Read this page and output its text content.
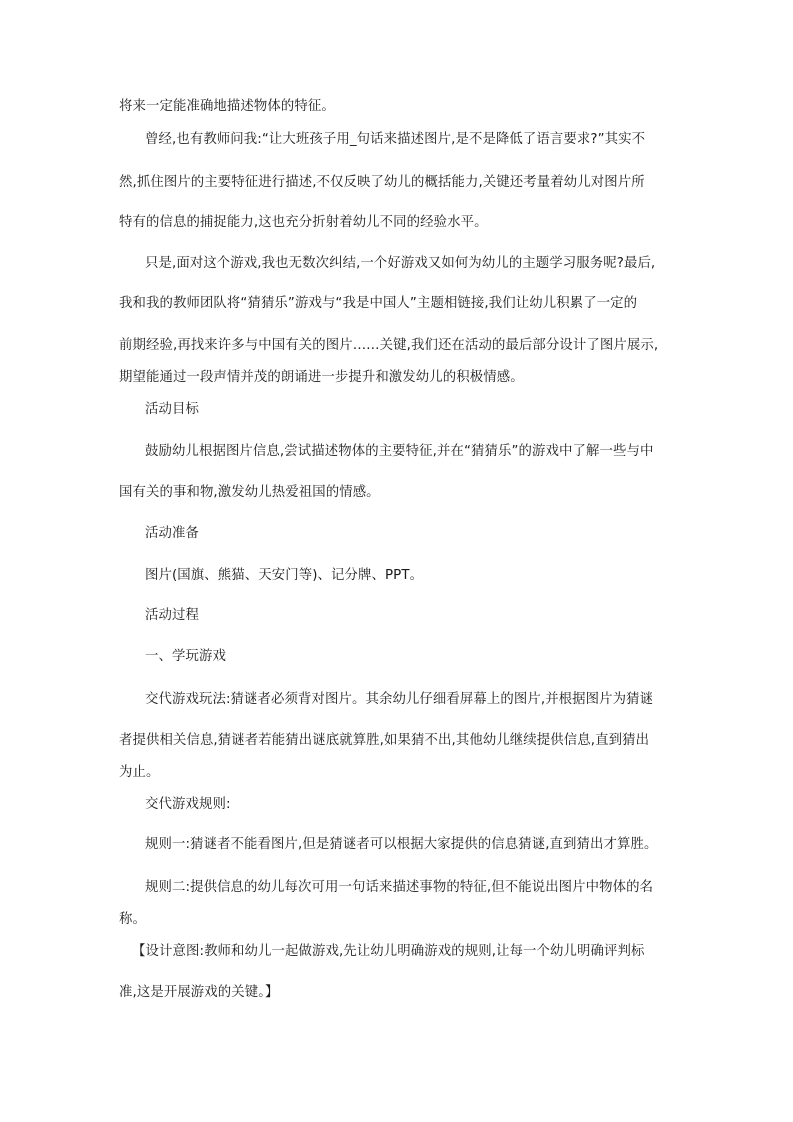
将来一定能准确地描述物体的特征。
曾经,也有教师问我:“让大班孩子用_句话来描述图片,是不是降低了语言要求?”其实不
然,抓住图片的主要特征进行描述,不仅反映了幼儿的概括能力,关键还考量着幼儿对图片所
特有的信息的捕捉能力,这也充分折射着幼儿不同的经验水平。
只是,面对这个游戏,我也无数次纠结,一个好游戏又如何为幼儿的主题学习服务呢?最后,
我和我的教师团队将“猜猜乐”游戏与“我是中国人”主题相链接,我们让幼儿积累了一定的
前期经验,再找来许多与中国有关的图片……关键,我们还在活动的最后部分设计了图片展示,
期望能通过一段声情并茂的朗诵进一步提升和激发幼儿的积极情感。
活动目标
鼓励幼儿根据图片信息,尝试描述物体的主要特征,并在“猜猜乐”的游戏中了解一些与中
国有关的事和物,激发幼儿热爱祖国的情感。
活动准备
图片(国旗、熊猫、天安门等)、记分牌、PPT。
活动过程
一、学玩游戏
交代游戏玩法:猜谜者必须背对图片。其余幼儿仔细看屏幕上的图片,并根据图片为猜谜
者提供相关信息,猜谜者若能猜出谜底就算胜,如果猜不出,其他幼儿继续提供信息,直到猜出
为止。
交代游戏规则:
规则一:猜谜者不能看图片,但是猜谜者可以根据大家提供的信息猜谜,直到猜出才算胜。
规则二:提供信息的幼儿每次可用一句话来描述事物的特征,但不能说出图片中物体的名
称。
【设计意图:教师和幼儿一起做游戏,先让幼儿明确游戏的规则,让每一个幼儿明确评判标
准,这是开展游戏的关键。】
